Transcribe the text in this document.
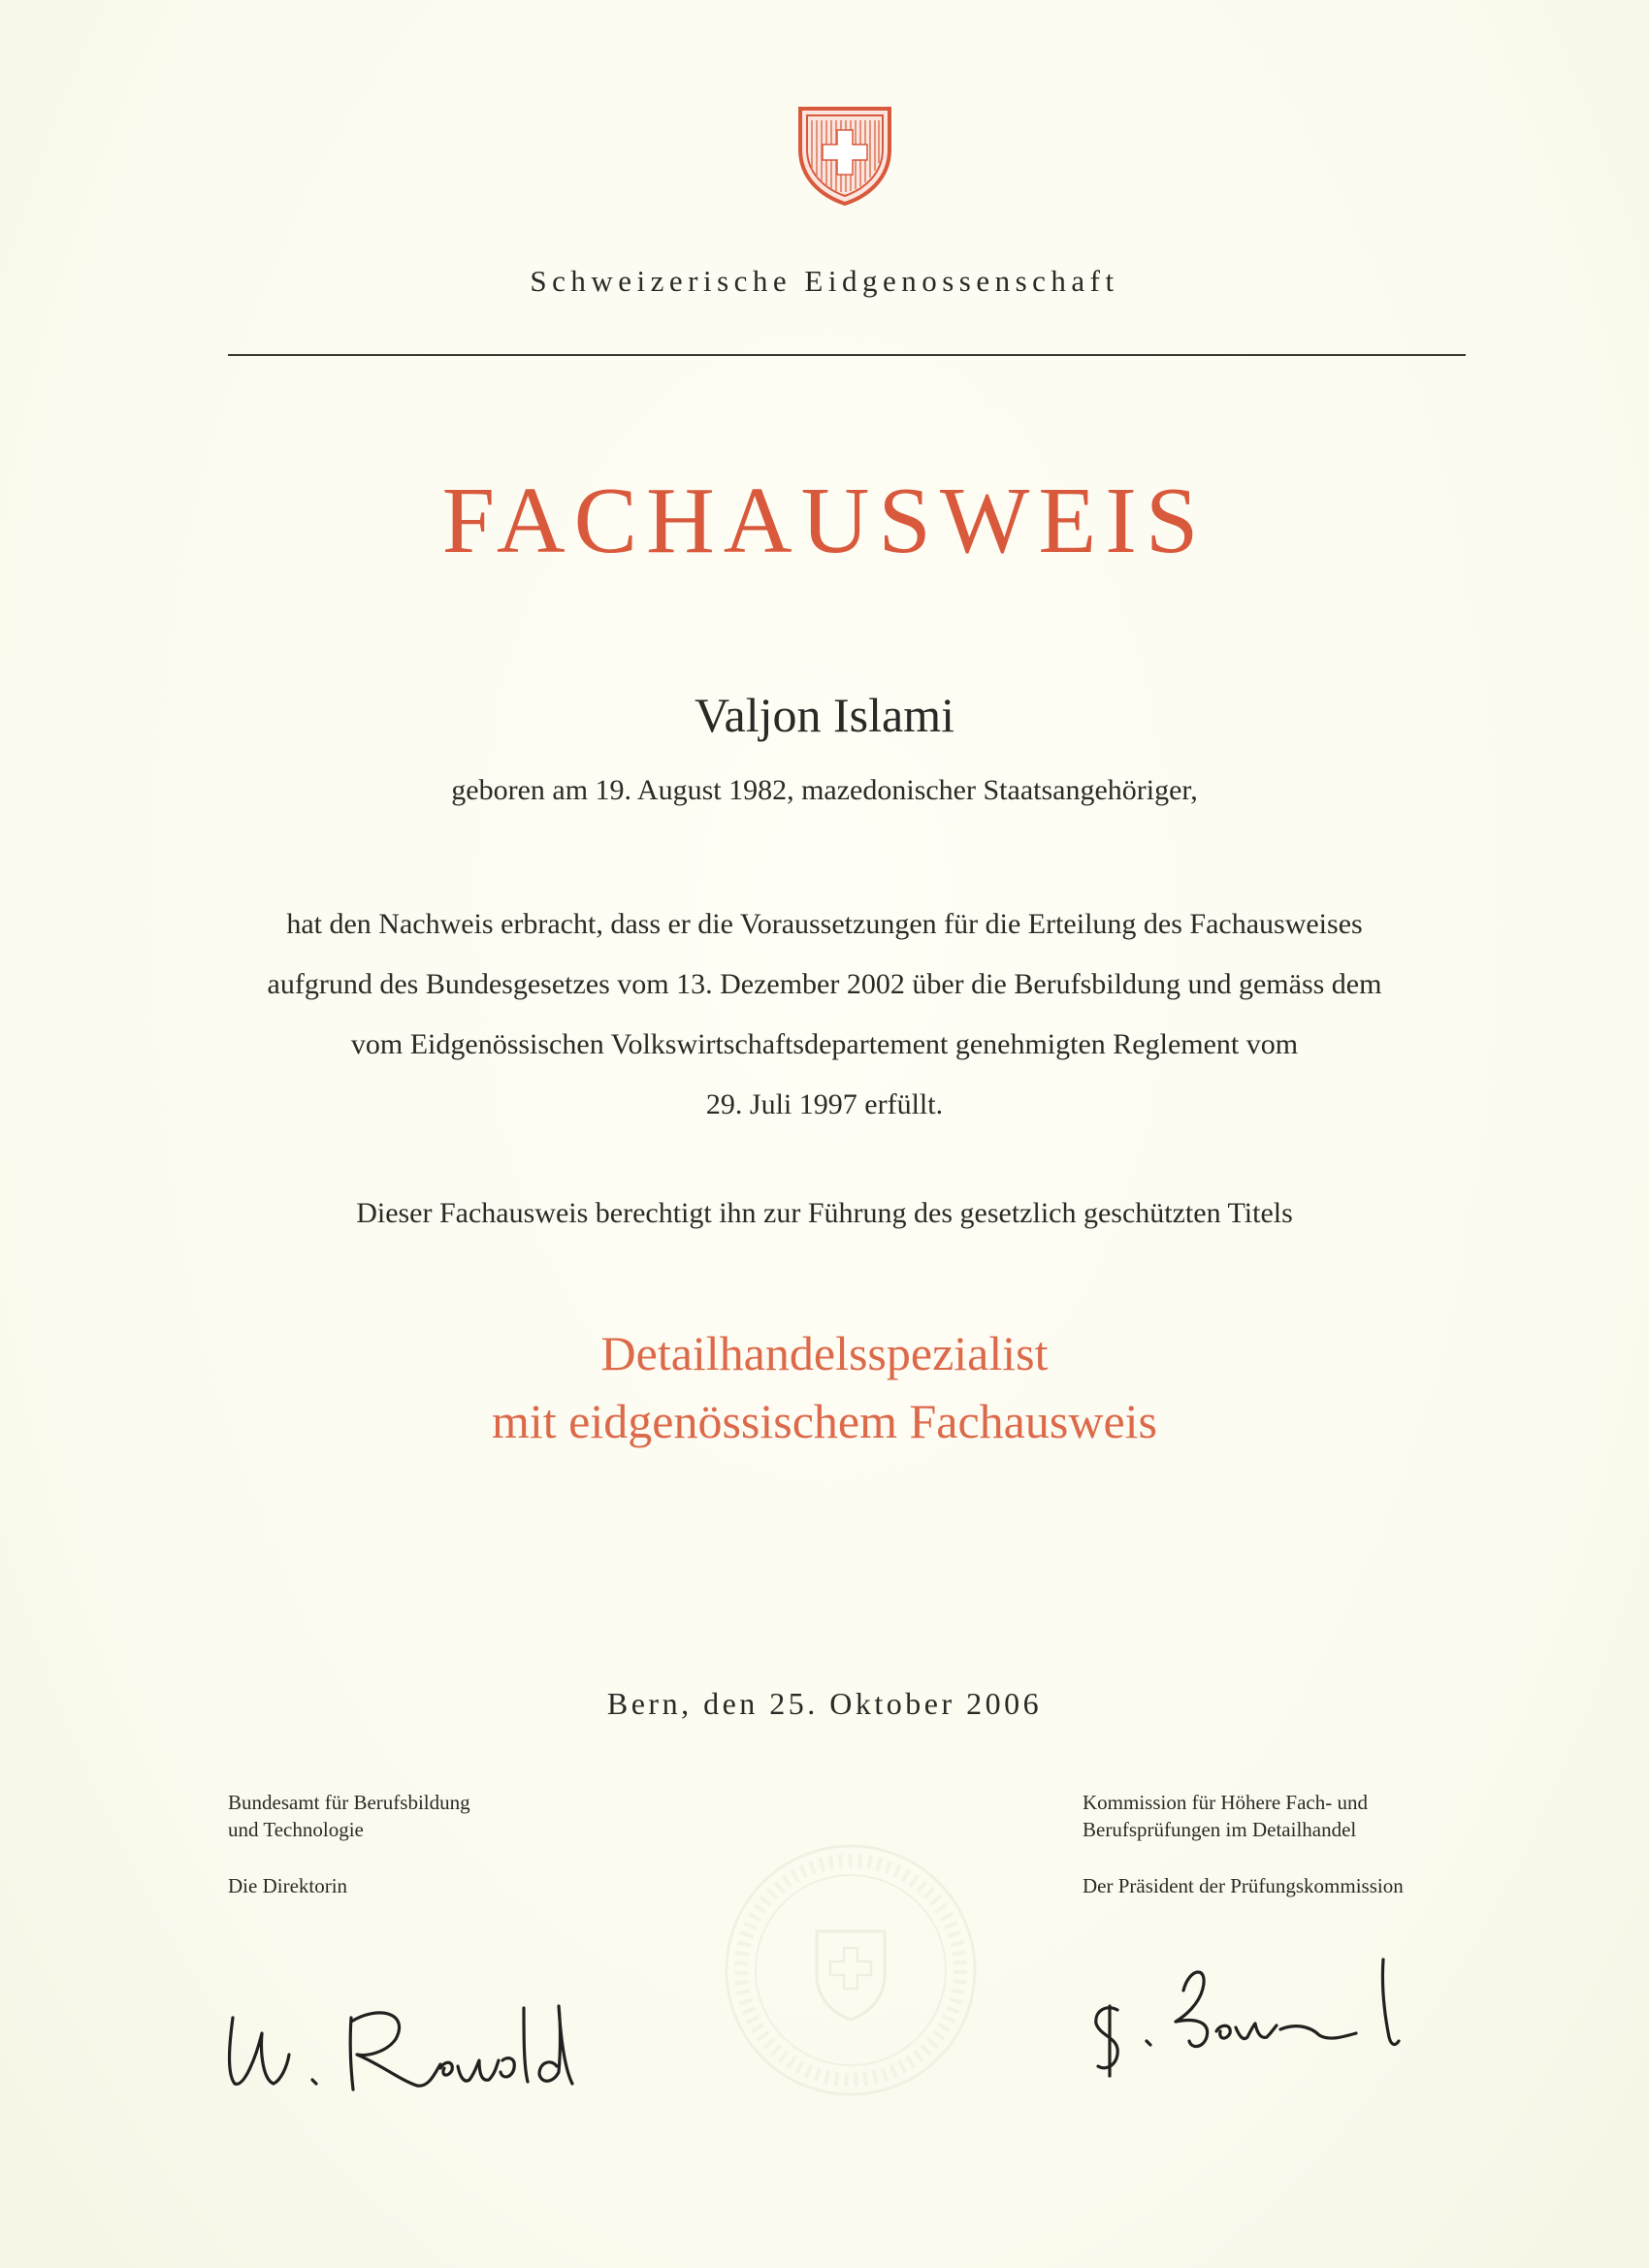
Schweizerische Eidgenossenschaft
FACHAUSWEIS
Valjon Islami
geboren am 19. August 1982, mazedonischer Staatsangehöriger,
hat den Nachweis erbracht, dass er die Voraussetzungen für die Erteilung des Fachausweises
aufgrund des Bundesgesetzes vom 13. Dezember 2002 über die Berufsbildung und gemäss dem
vom Eidgenössischen Volkswirtschaftsdepartement genehmigten Reglement vom
29. Juli 1997 erfüllt.
Dieser Fachausweis berechtigt ihn zur Führung des gesetzlich geschützten Titels
Detailhandelsspezialist
mit eidgenössischem Fachausweis
Bern, den 25. Oktober 2006
Bundesamt für Berufsbildung
und Technologie
Die Direktorin
Kommission für Höhere Fach- und
Berufsprüfungen im Detailhandel
Der Präsident der Prüfungskommission
